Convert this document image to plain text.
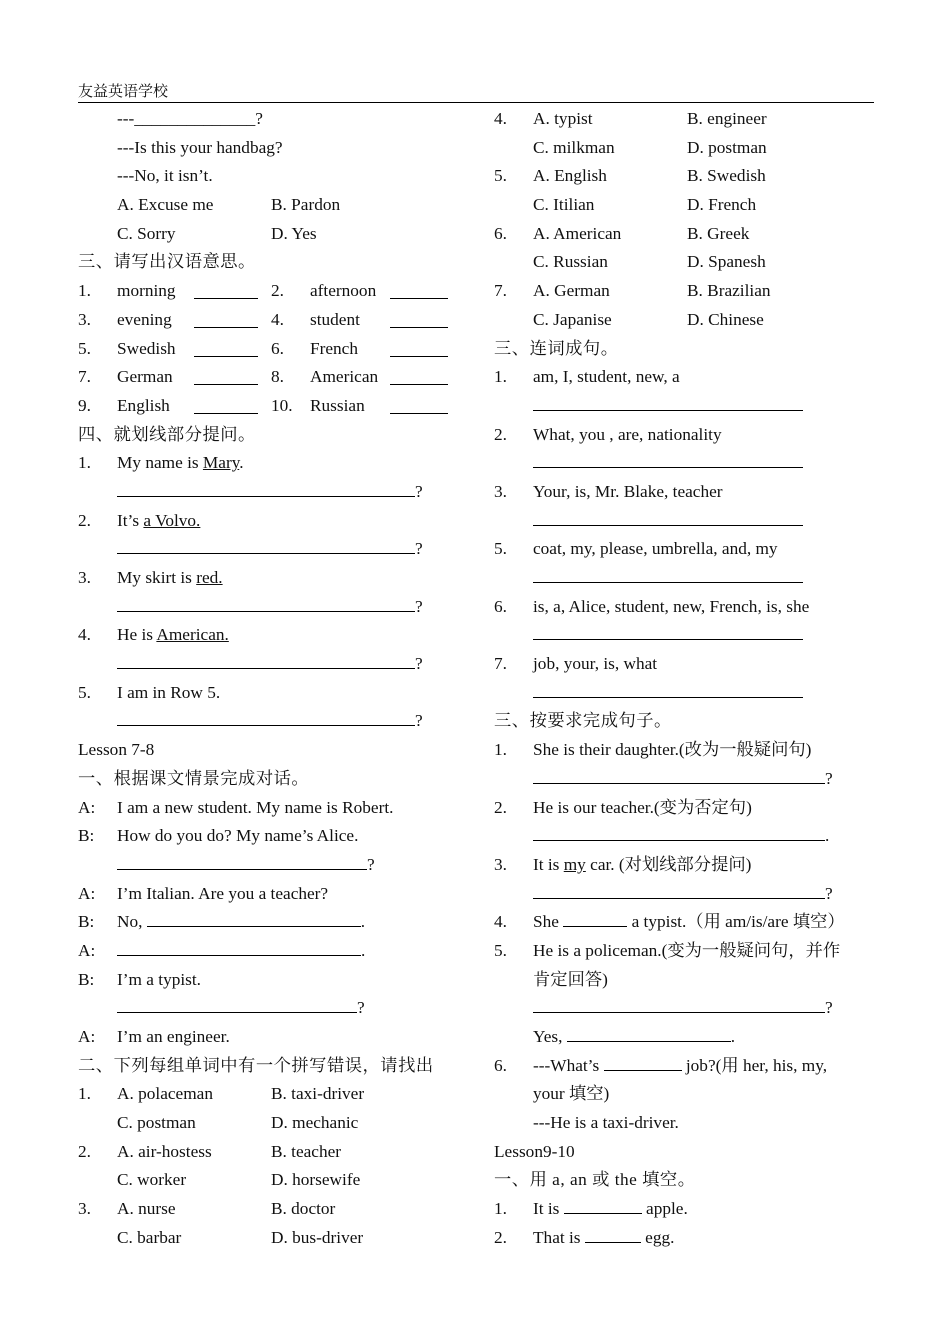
友益英语学校
---______________?
---Is this your handbag?
---No, it isn’t.
A. Excuse me	B. Pardon
C. Sorry	D. Yes
三、请写出汉语意思。
1. morning	2. afternoon
3. evening	4. student
5. Swedish	6. French
7. German	8. American
9. English	10. Russian
四、就划线部分提问。
1. My name is Mary.
?
2. It’s a Volvo.
?
3. My skirt is red.
?
4. He is American.
?
5. I am in Row 5.
?
Lesson 7-8
一、根据课文情景完成对话。
A: I am a new student. My name is Robert.
B: How do you do? My name’s Alice.
?
A: I’m Italian. Are you a teacher?
B: No,	.
A:	.
B: I’m a typist.
?
A: I’m an engineer.
二、下列每组单词中有一个拼写错误，请找出
1. A. polaceman	B. taxi-driver
C. postman	D. mechanic
2. A. air-hostess	B. teacher
C. worker	D. horsewife
3. A. nurse	B. doctor
C. barbar	D. bus-driver
4. A. typist	B. engineer
C. milkman	D. postman
5. A. English	B. Swedish
C. Itilian	D. French
6. A. American	B. Greek
C. Russian	D. Spanesh
7. A. German	B. Brazilian
C. Japanise	D. Chinese
三、连词成句。
1. am, I, student, new, a
2. What, you , are, nationality
3. Your, is, Mr. Blake, teacher
5. coat, my, please, umbrella, and, my
6. is, a, Alice, student, new, French, is, she
7. job, your, is, what
三、按要求完成句子。
1. She is their daughter.(改为一般疑问句)
?
2. He is our teacher.(变为否定句)
.
3. It is my car. (对划线部分提问)
?
4. She	a typist.（用 am/is/are 填空）
5. He is a policeman.(变为一般疑问句，并作
肯定回答)
?
Yes,	.
6. ---What’s	job?(用 her, his, my,
your 填空)
---He is a taxi-driver.
Lesson9-10
一、用 a, an 或 the 填空。
1. It is	apple.
2. That is	egg.
